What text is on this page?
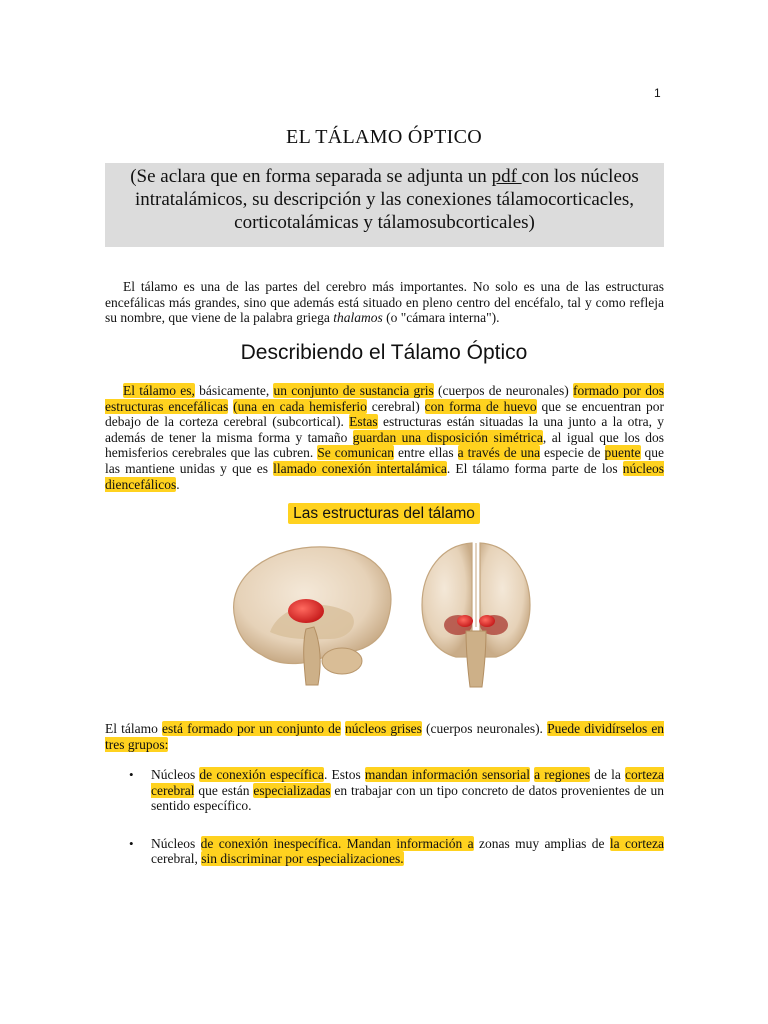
1
EL TÁLAMO ÓPTICO
(Se aclara que en forma separada se adjunta un pdf con los núcleos intratalámicos, su descripción y las conexiones tálamocorticacles, corticotalámicas y tálamosubcorticales)
El tálamo es una de las partes del cerebro más importantes. No solo es una de las estructuras encefálicas más grandes, sino que además está situado en pleno centro del encéfalo, tal y como refleja su nombre, que viene de la palabra griega thalamos (o "cámara interna").
Describiendo el Tálamo Óptico
El tálamo es, básicamente, un conjunto de sustancia gris (cuerpos de neuronales) formado por dos estructuras encefálicas (una en cada hemisferio cerebral) con forma de huevo que se encuentran por debajo de la corteza cerebral (subcortical). Estas estructuras están situadas la una junto a la otra, y además de tener la misma forma y tamaño guardan una disposición simétrica, al igual que los dos hemisferios cerebrales que las cubren. Se comunican entre ellas a través de una especie de puente que las mantiene unidas y que es llamado conexión intertalámica. El tálamo forma parte de los núcleos diencefálicos.
Las estructuras del tálamo
El tálamo está formado por un conjunto de núcleos grises (cuerpos neuronales). Puede dividírselos en tres grupos:
• Núcleos de conexión específica. Estos mandan información sensorial a regiones de la corteza cerebral que están especializadas en trabajar con un tipo concreto de datos provenientes de un sentido específico.
• Núcleos de conexión inespecífica. Mandan información a zonas muy amplias de la corteza cerebral, sin discriminar por especializaciones.
